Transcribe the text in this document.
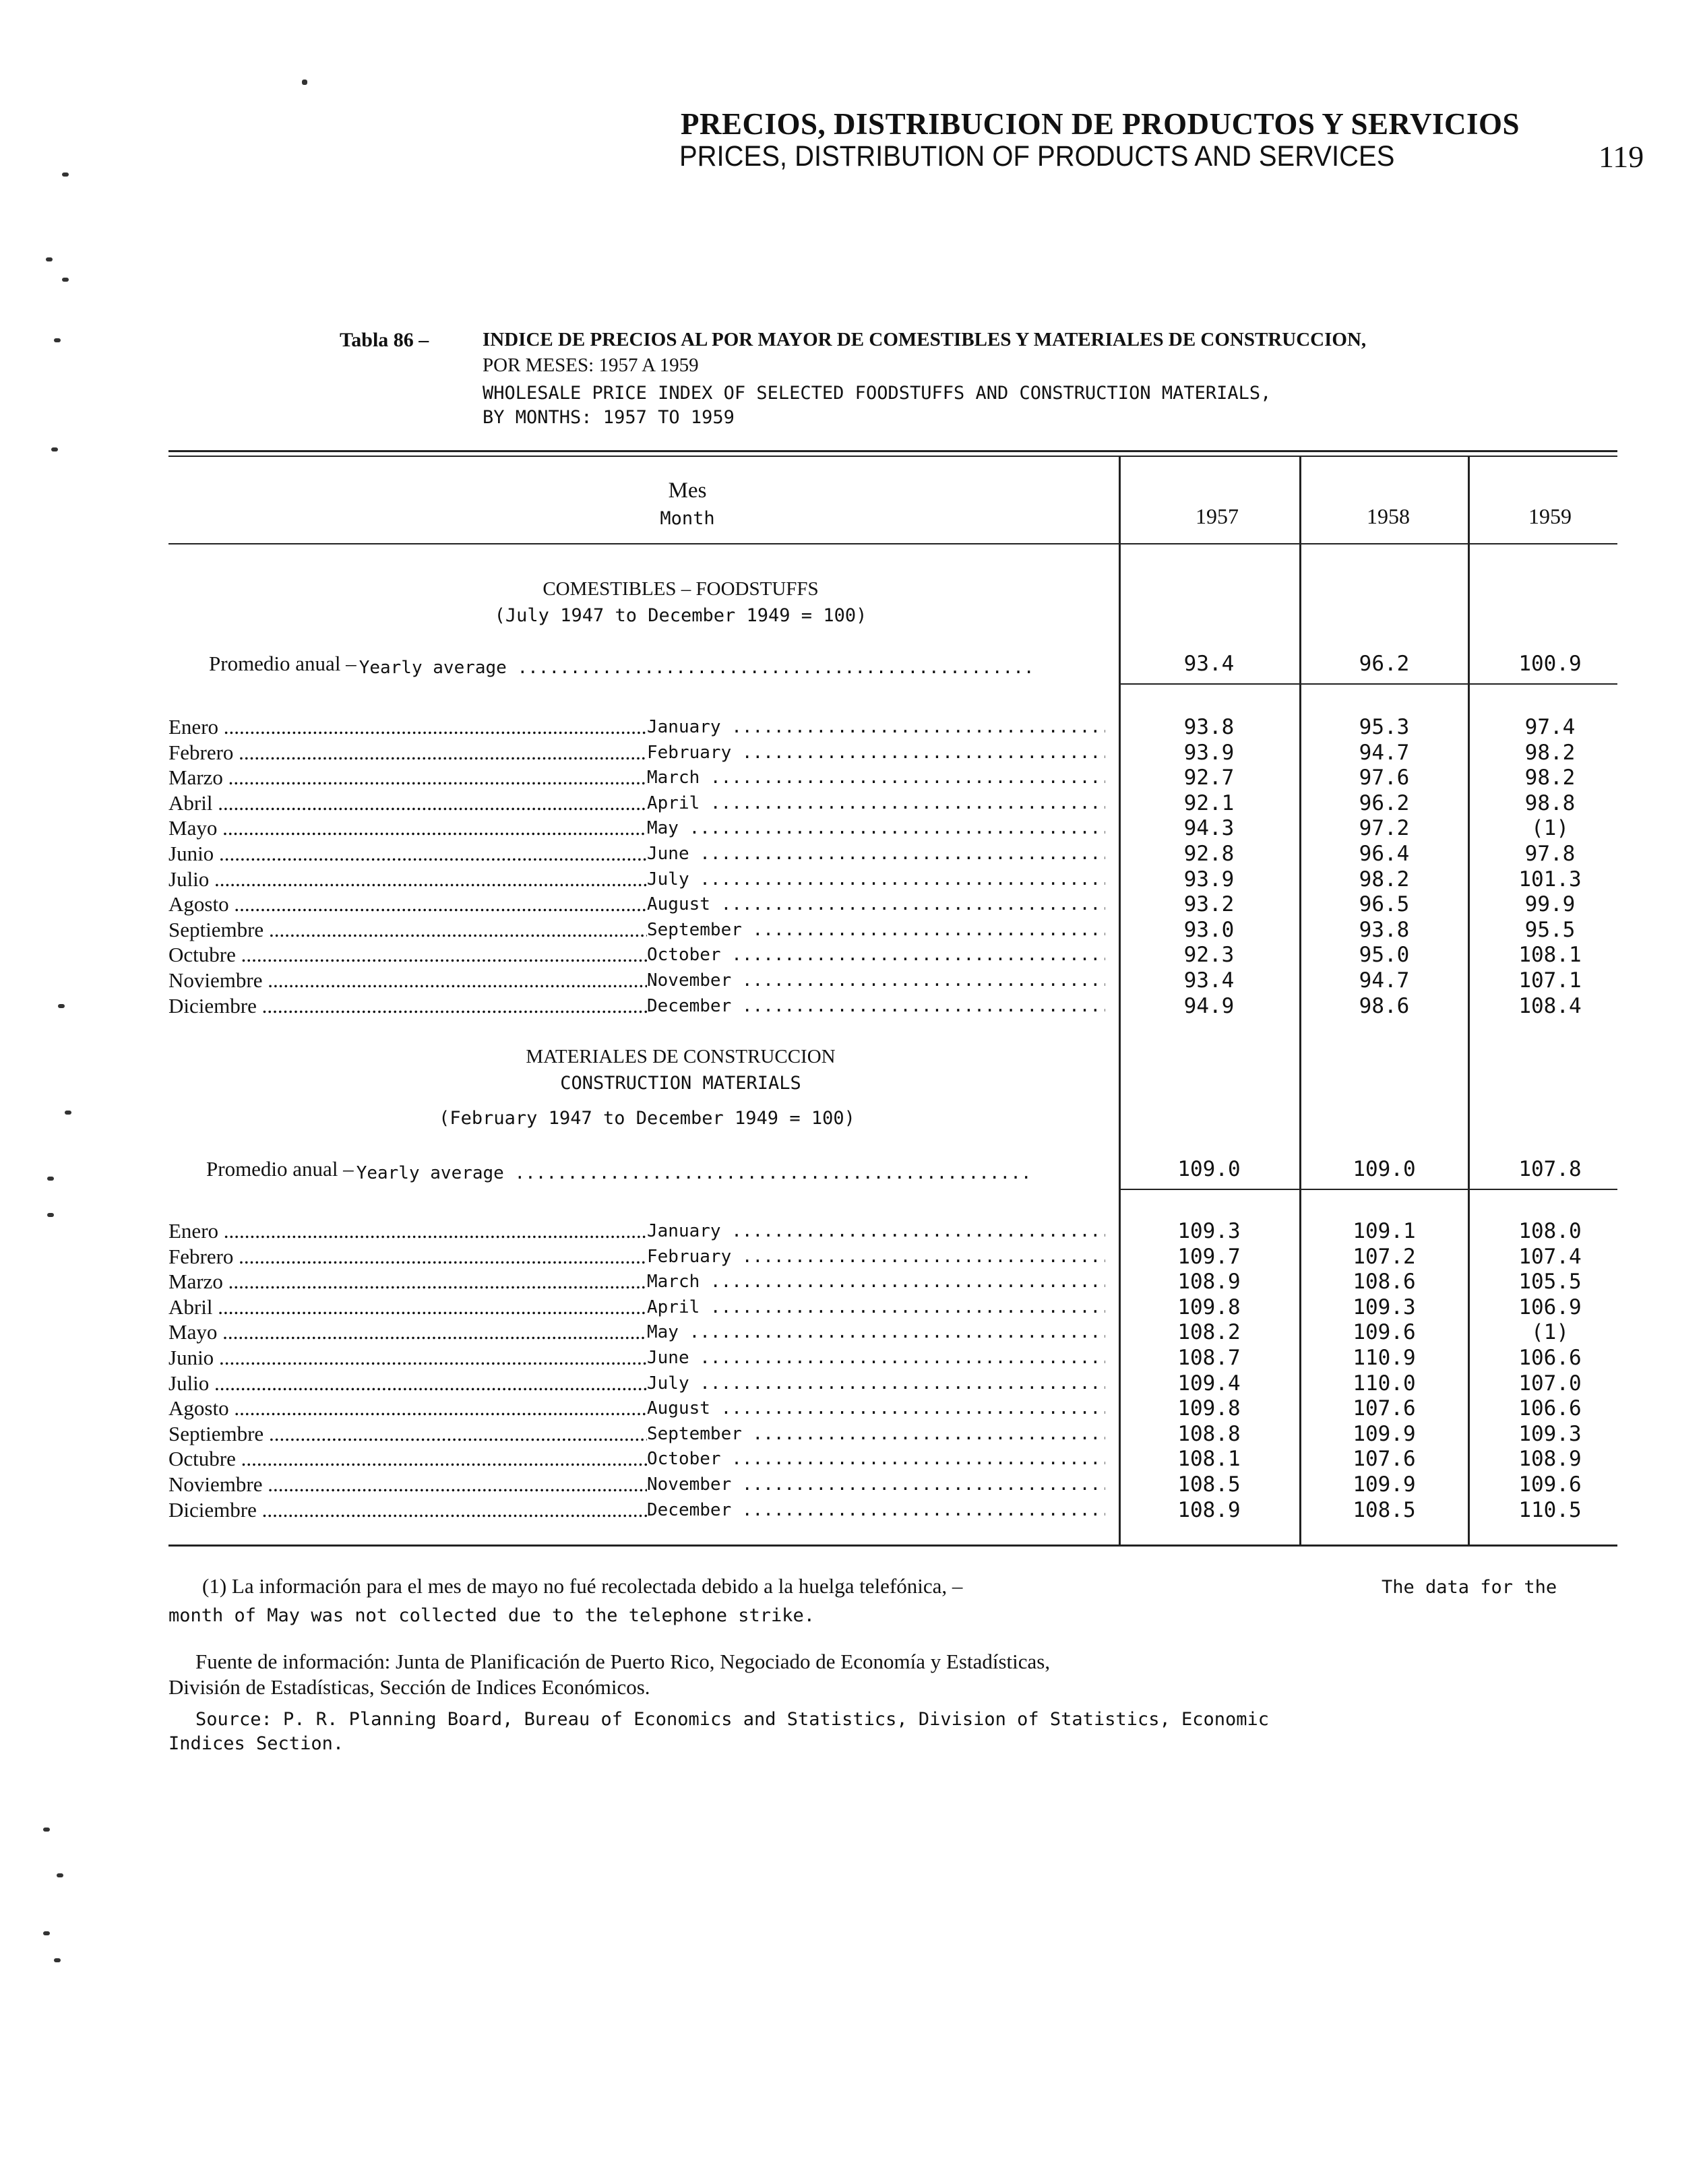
PRECIOS, DISTRIBUCION DE PRODUCTOS Y SERVICIOS
PRICES, DISTRIBUTION OF PRODUCTS AND SERVICES	119
Tabla 86 –	INDICE DE PRECIOS AL POR MAYOR DE COMESTIBLES Y MATERIALES DE CONSTRUCCION,
POR MESES: 1957 A 1959
WHOLESALE PRICE INDEX OF SELECTED FOODSTUFFS AND CONSTRUCTION MATERIALS,
BY MONTHS: 1957 TO 1959
Mes
Month	1957	1958	1959
COMESTIBLES – FOODSTUFFS
(July 1947 to December 1949 = 100)
Promedio anual – Yearly average .....	93.4	96.2	100.9
Enero .....	January .....	93.8	95.3	97.4
Febrero .....	February .....	93.9	94.7	98.2
Marzo .....	March .....	92.7	97.6	98.2
Abril .....	April .....	92.1	96.2	98.8
Mayo .....	May .....	94.3	97.2	(1)
Junio .....	June .....	92.8	96.4	97.8
Julio .....	July .....	93.9	98.2	101.3
Agosto .....	August .....	93.2	96.5	99.9
Septiembre .....	September .....	93.0	93.8	95.5
Octubre .....	October .....	92.3	95.0	108.1
Noviembre .....	November .....	93.4	94.7	107.1
Diciembre .....	December .....	94.9	98.6	108.4
MATERIALES DE CONSTRUCCION
CONSTRUCTION MATERIALS
(February 1947 to December 1949 = 100)
Promedio anual – Yearly average .....	109.0	109.0	107.8
Enero .....	January .....	109.3	109.1	108.0
Febrero .....	February .....	109.7	107.2	107.4
Marzo .....	March .....	108.9	108.6	105.5
Abril .....	April .....	109.8	109.3	106.9
Mayo .....	May .....	108.2	109.6	(1)
Junio .....	June .....	108.7	110.9	106.6
Julio .....	July .....	109.4	110.0	107.0
Agosto .....	August .....	109.8	107.6	106.6
Septiembre .....	September .....	108.8	109.9	109.3
Octubre .....	October .....	108.1	107.6	108.9
Noviembre .....	November .....	108.5	109.9	109.6
Diciembre .....	December .....	108.9	108.5	110.5
(1) La información para el mes de mayo no fué recolectada debido a la huelga telefónica, –	The data for the
month of May was not collected due to the telephone strike.
Fuente de información: Junta de Planificación de Puerto Rico, Negociado de Economía y Estadísticas,
División de Estadísticas, Sección de Indices Económicos.
Source: P. R. Planning Board, Bureau of Economics and Statistics, Division of Statistics, Economic
Indices Section.
